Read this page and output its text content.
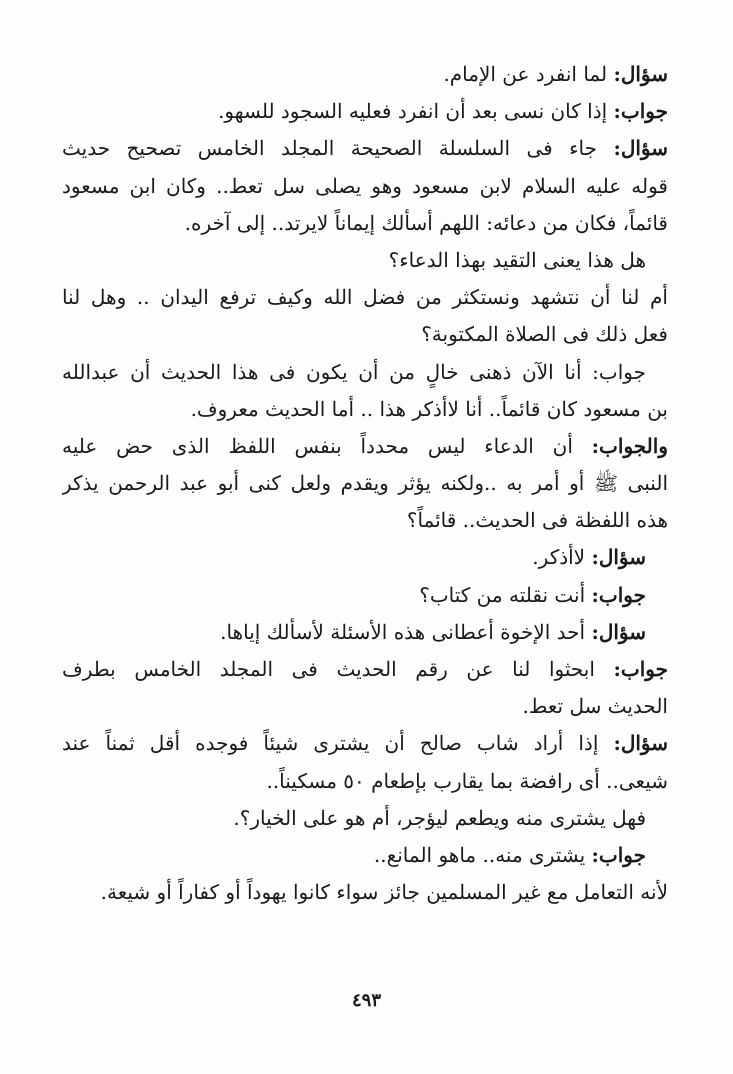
سؤال: لما انفرد عن الإمام.
جواب: إذا كان نسى بعد أن انفرد فعليه السجود للسهو.
سؤال: جاء فى السلسلة الصحيحة المجلد الخامس تصحيح حديث
قوله عليه السلام لابن مسعود وهو يصلى سل تعط.. وكان ابن مسعود
قائماً، فكان من دعائه: اللهم أسألك إيماناً لايرتد.. إلى آخره.
هل هذا يعنى التقيد بهذا الدعاء؟
أم لنا أن نتشهد ونستكثر من فضل الله وكيف ترفع اليدان .. وهل لنا
فعل ذلك فى الصلاة المكتوبة؟
جواب: أنا الآن ذهنى خالٍ من أن يكون فى هذا الحديث أن عبدالله
بن مسعود كان قائماً.. أنا لاأذكر هذا .. أما الحديث معروف.
والجواب: أن الدعاء ليس محدداً بنفس اللفظ الذى حض عليه
النبى ﷺ أو أمر به ..ولكنه يؤثر ويقدم ولعل كنى أبو عبد الرحمن يذكر
هذه اللفظة فى الحديث.. قائماً؟
سؤال: لاأذكر.
جواب: أنت نقلته من كتاب؟
سؤال: أحد الإخوة أعطانى هذه الأسئلة لأسألك إياها.
جواب: ابحثوا لنا عن رقم الحديث فى المجلد الخامس بطرف
الحديث سل تعط.
سؤال: إذا أراد شاب صالح أن يشترى شيئاً فوجده أقل ثمناً عند
شيعى.. أى رافضة بما يقارب بإطعام ٥٠ مسكيناً..
فهل يشترى منه ويطعم ليؤجر، أم هو على الخيار؟.
جواب: يشترى منه.. ماهو المانع..
لأنه التعامل مع غير المسلمين جائز سواء كانوا يهوداً أو كفاراً أو شيعة.
٤٩٣
